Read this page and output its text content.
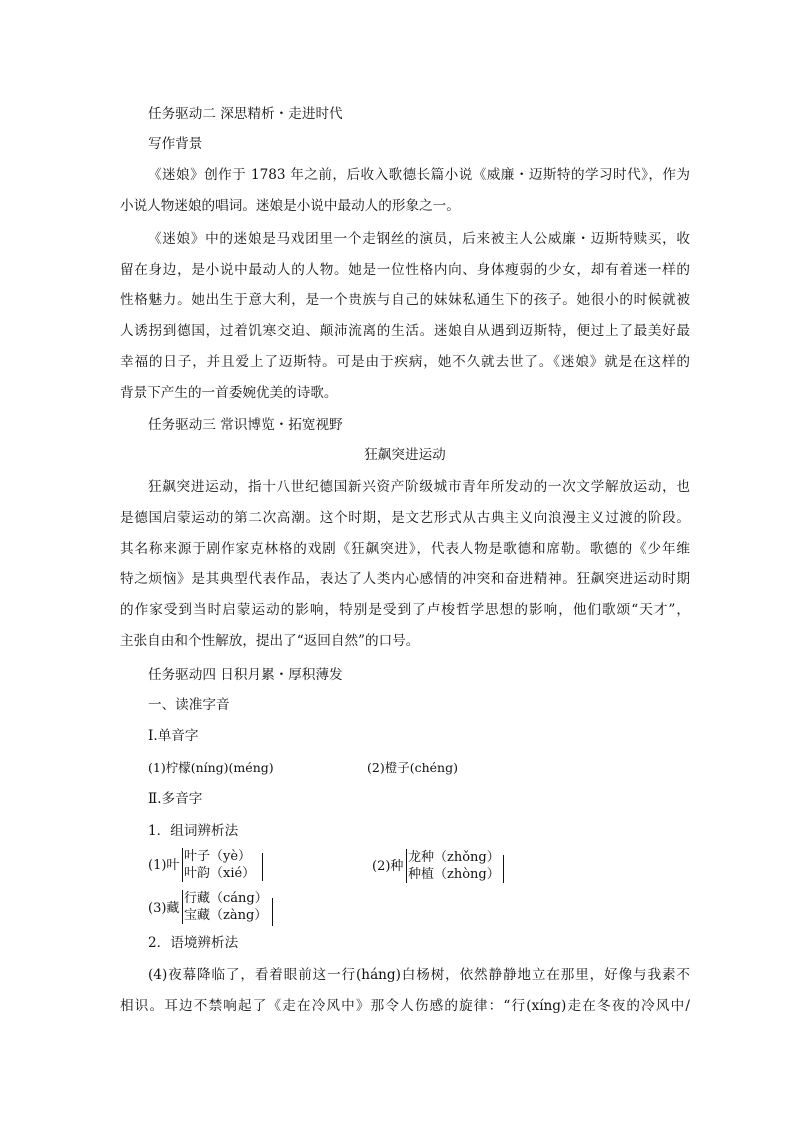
任务驱动二 深思精析・走进时代
写作背景
《迷娘》创作于 1783 年之前，后收入歌德长篇小说《威廉・迈斯特的学习时代》，作为
小说人物迷娘的唱词。迷娘是小说中最动人的形象之一。
《迷娘》中的迷娘是马戏团里一个走钢丝的演员，后来被主人公威廉・迈斯特赎买，收
留在身边，是小说中最动人的人物。她是一位性格内向、身体瘦弱的少女，却有着迷一样的
性格魅力。她出生于意大利，是一个贵族与自己的妹妹私通生下的孩子。她很小的时候就被
人诱拐到德国，过着饥寒交迫、颠沛流离的生活。迷娘自从遇到迈斯特，便过上了最美好最
幸福的日子，并且爱上了迈斯特。可是由于疾病，她不久就去世了。《迷娘》就是在这样的
背景下产生的一首委婉优美的诗歌。
任务驱动三 常识博览・拓宽视野
狂飙突进运动
狂飙突进运动，指十八世纪德国新兴资产阶级城市青年所发动的一次文学解放运动，也
是德国启蒙运动的第二次高潮。这个时期，是文艺形式从古典主义向浪漫主义过渡的阶段。
其名称来源于剧作家克林格的戏剧《狂飙突进》，代表人物是歌德和席勒。歌德的《少年维
特之烦恼》是其典型代表作品，表达了人类内心感情的冲突和奋进精神。狂飙突进运动时期
的作家受到当时启蒙运动的影响，特别是受到了卢梭哲学思想的影响，他们歌颂“天才”，
主张自由和个性解放，提出了“返回自然”的口号。
任务驱动四 日积月累・厚积薄发
一、读准字音
Ⅰ.单音字
(1)柠檬(níng)(méng)	(2)橙子(chéng)
Ⅱ.多音字
1．组词辨析法
(1)叶
叶子（yè）
叶韵（xié）	(2)种
龙种（zhǒng）
种植（zhòng）
(3)藏
行藏（cáng）
宝藏（zàng）
2．语境辨析法
(4)夜幕降临了，看着眼前这一行(háng)白杨树，依然静静地立在那里，好像与我素不
相识。耳边不禁响起了《走在冷风中》那令人伤感的旋律：“行(xíng)走在冬夜的冷风中/
